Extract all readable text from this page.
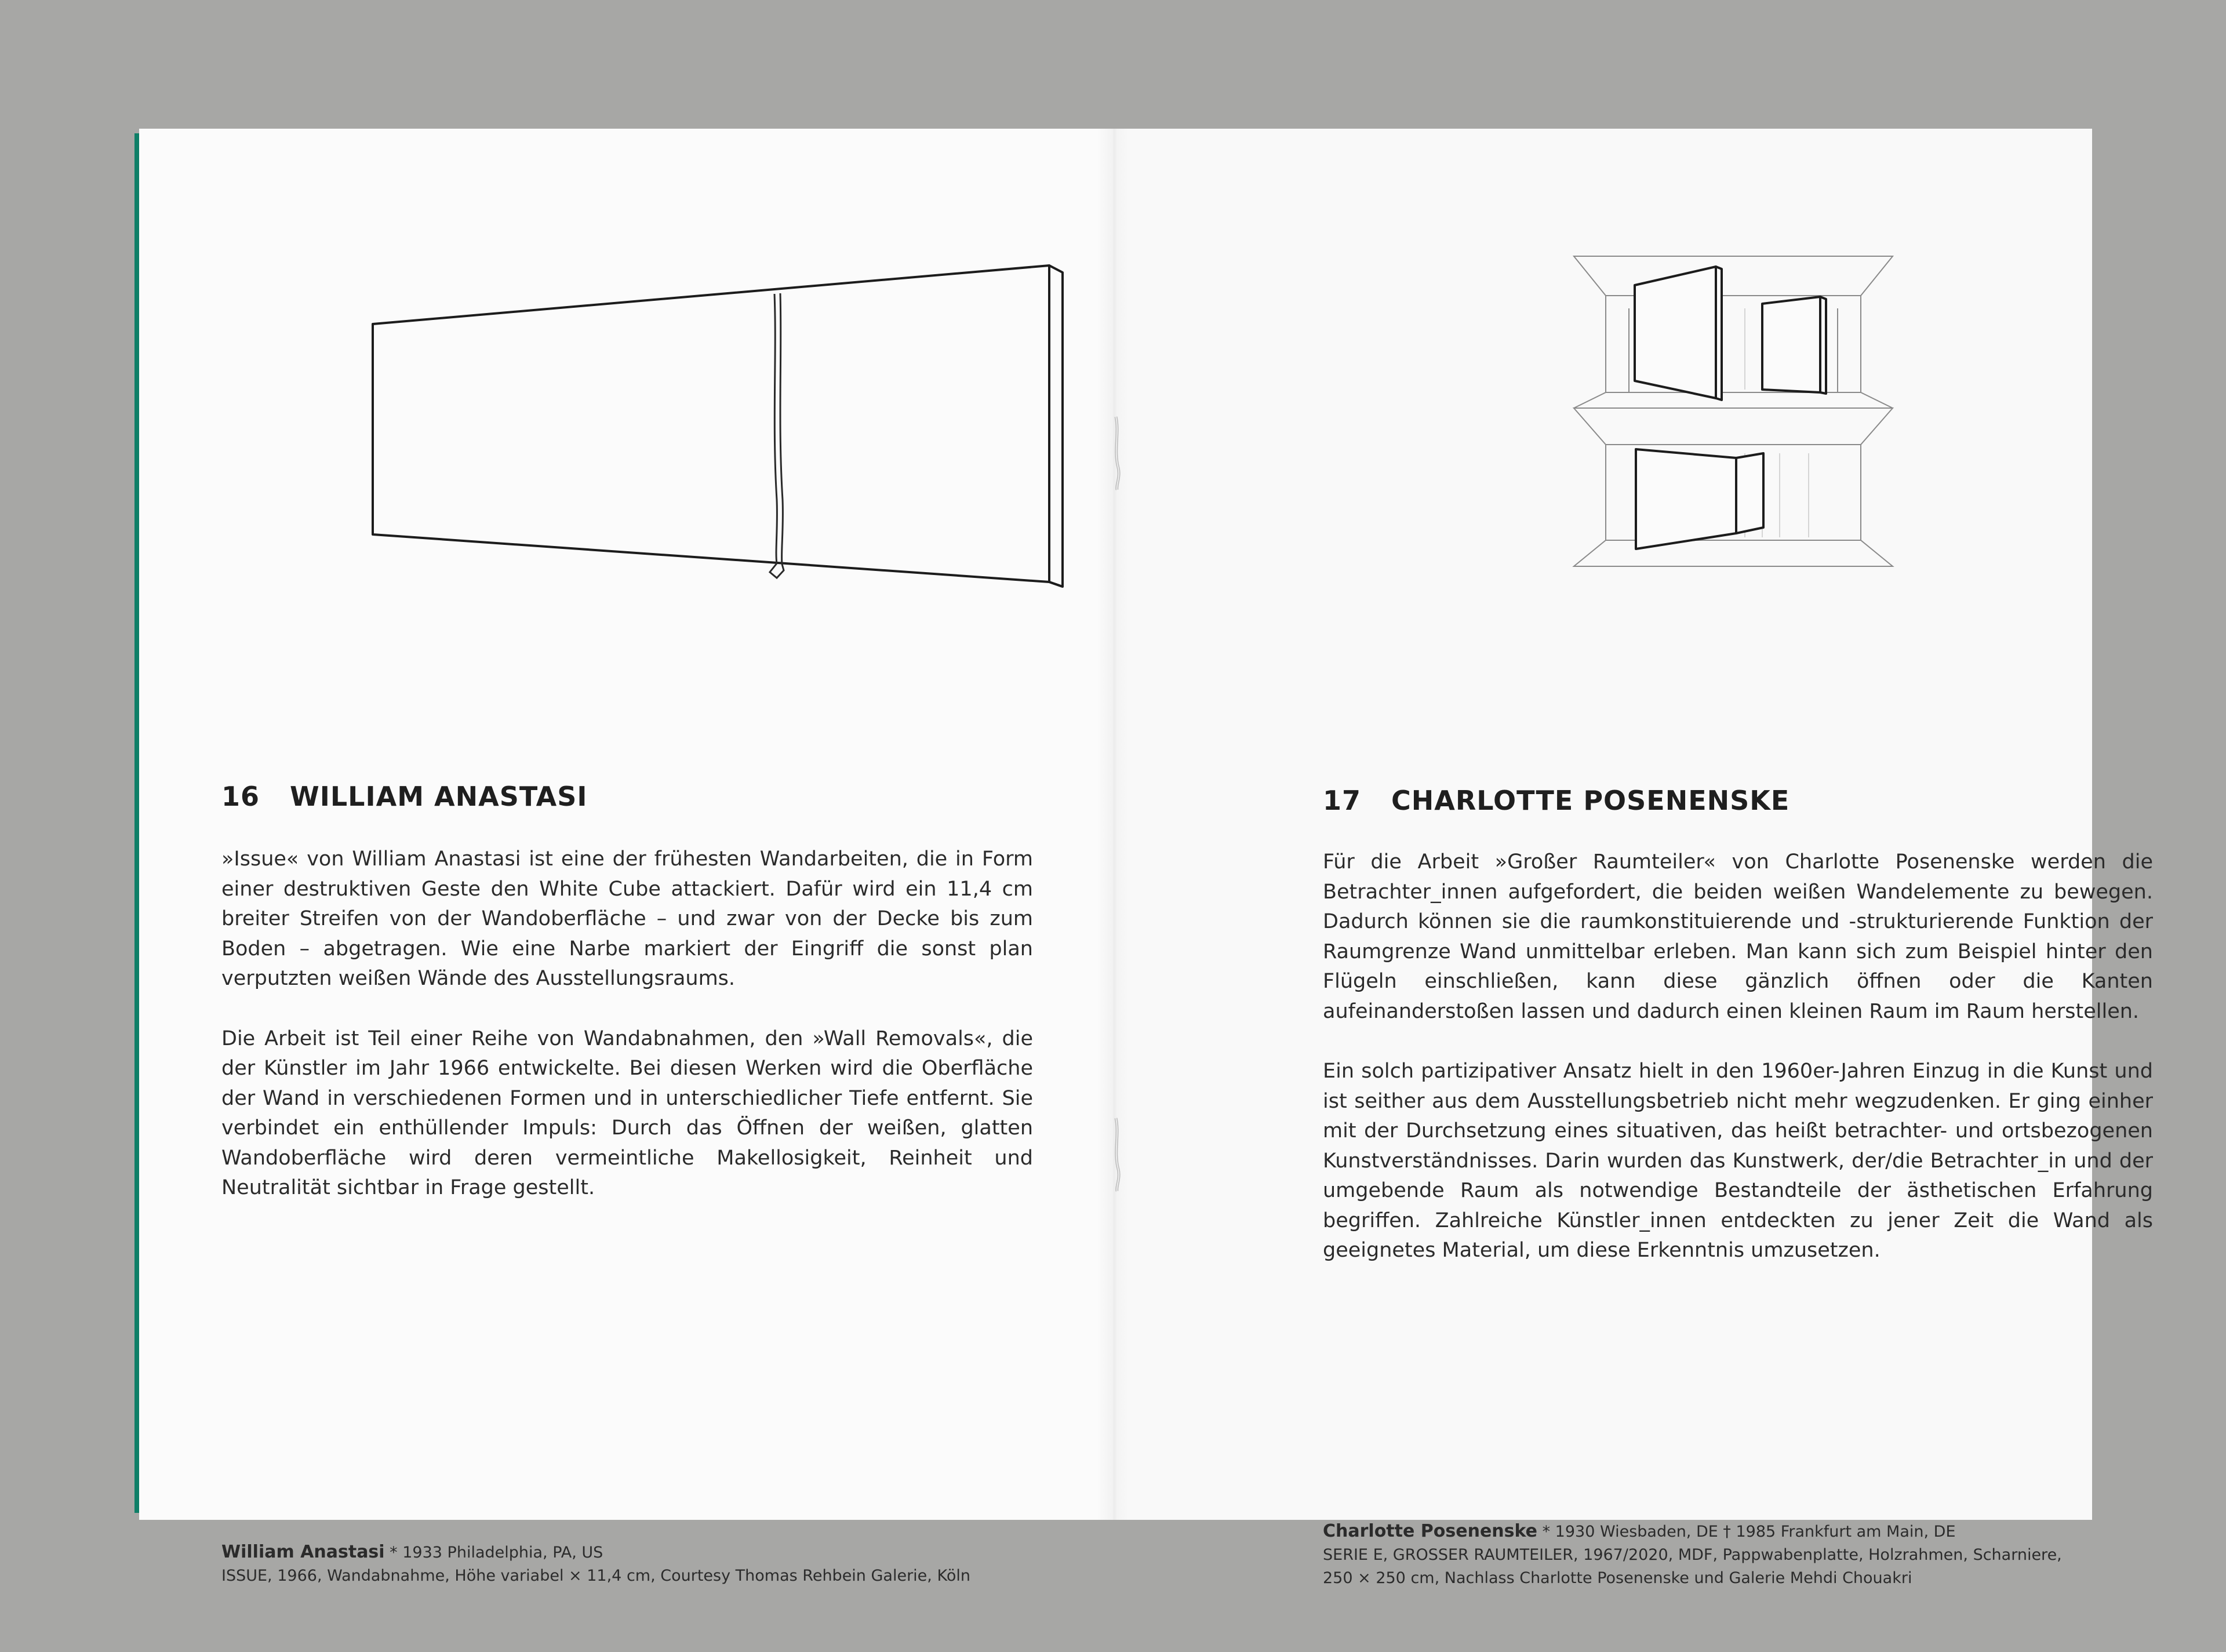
16 WILLIAM ANASTASI

»Issue« von William Anastasi ist eine der frühesten Wandarbeiten, die in Form einer destruktiven Geste den White Cube attackiert. Dafür wird ein 11,4 cm breiter Streifen von der Wandoberfläche – und zwar von der Decke bis zum Boden – abgetragen. Wie eine Narbe markiert der Eingriff die sonst plan verputzten weißen Wände des Ausstellungsraums.

Die Arbeit ist Teil einer Reihe von Wandabnahmen, den »Wall Removals«, die der Künstler im Jahr 1966 entwickelte. Bei diesen Werken wird die Oberfläche der Wand in verschiedenen Formen und in unterschiedlicher Tiefe entfernt. Sie verbindet ein enthüllender Impuls: Durch das Öffnen der weißen, glatten Wandoberfläche wird deren vermeintliche Makellosigkeit, Reinheit und Neutralität sichtbar in Frage gestellt.

William Anastasi * 1933 Philadelphia, PA, US
ISSUE, 1966, Wandabnahme, Höhe variabel × 11,4 cm, Courtesy Thomas Rehbein Galerie, Köln
17 CHARLOTTE POSENENSKE

Für die Arbeit »Großer Raumteiler« von Charlotte Posenenske werden die Betrachter_innen aufgefordert, die beiden weißen Wandelemente zu bewegen. Dadurch können sie die raumkonstituierende und -strukturierende Funktion der Raumgrenze Wand unmittelbar erleben. Man kann sich zum Beispiel hinter den Flügeln einschließen, kann diese gänzlich öffnen oder die Kanten aufeinanderstoßen lassen und dadurch einen kleinen Raum im Raum herstellen.

Ein solch partizipativer Ansatz hielt in den 1960er-Jahren Einzug in die Kunst und ist seither aus dem Ausstellungsbetrieb nicht mehr wegzudenken. Er ging einher mit der Durchsetzung eines situativen, das heißt betrachter- und ortsbezogenen Kunstverständnisses. Darin wurden das Kunstwerk, der/die Betrachter_in und der umgebende Raum als notwendige Bestandteile der ästhetischen Erfahrung begriffen. Zahlreiche Künstler_innen entdeckten zu jener Zeit die Wand als geeignetes Material, um diese Erkenntnis umzusetzen.

Charlotte Posenenske * 1930 Wiesbaden, DE † 1985 Frankfurt am Main, DE
SERIE E, GROSSER RAUMTEILER, 1967/2020, MDF, Pappwabenplatte, Holzrahmen, Scharniere,
250 × 250 cm, Nachlass Charlotte Posenenske und Galerie Mehdi Chouakri
